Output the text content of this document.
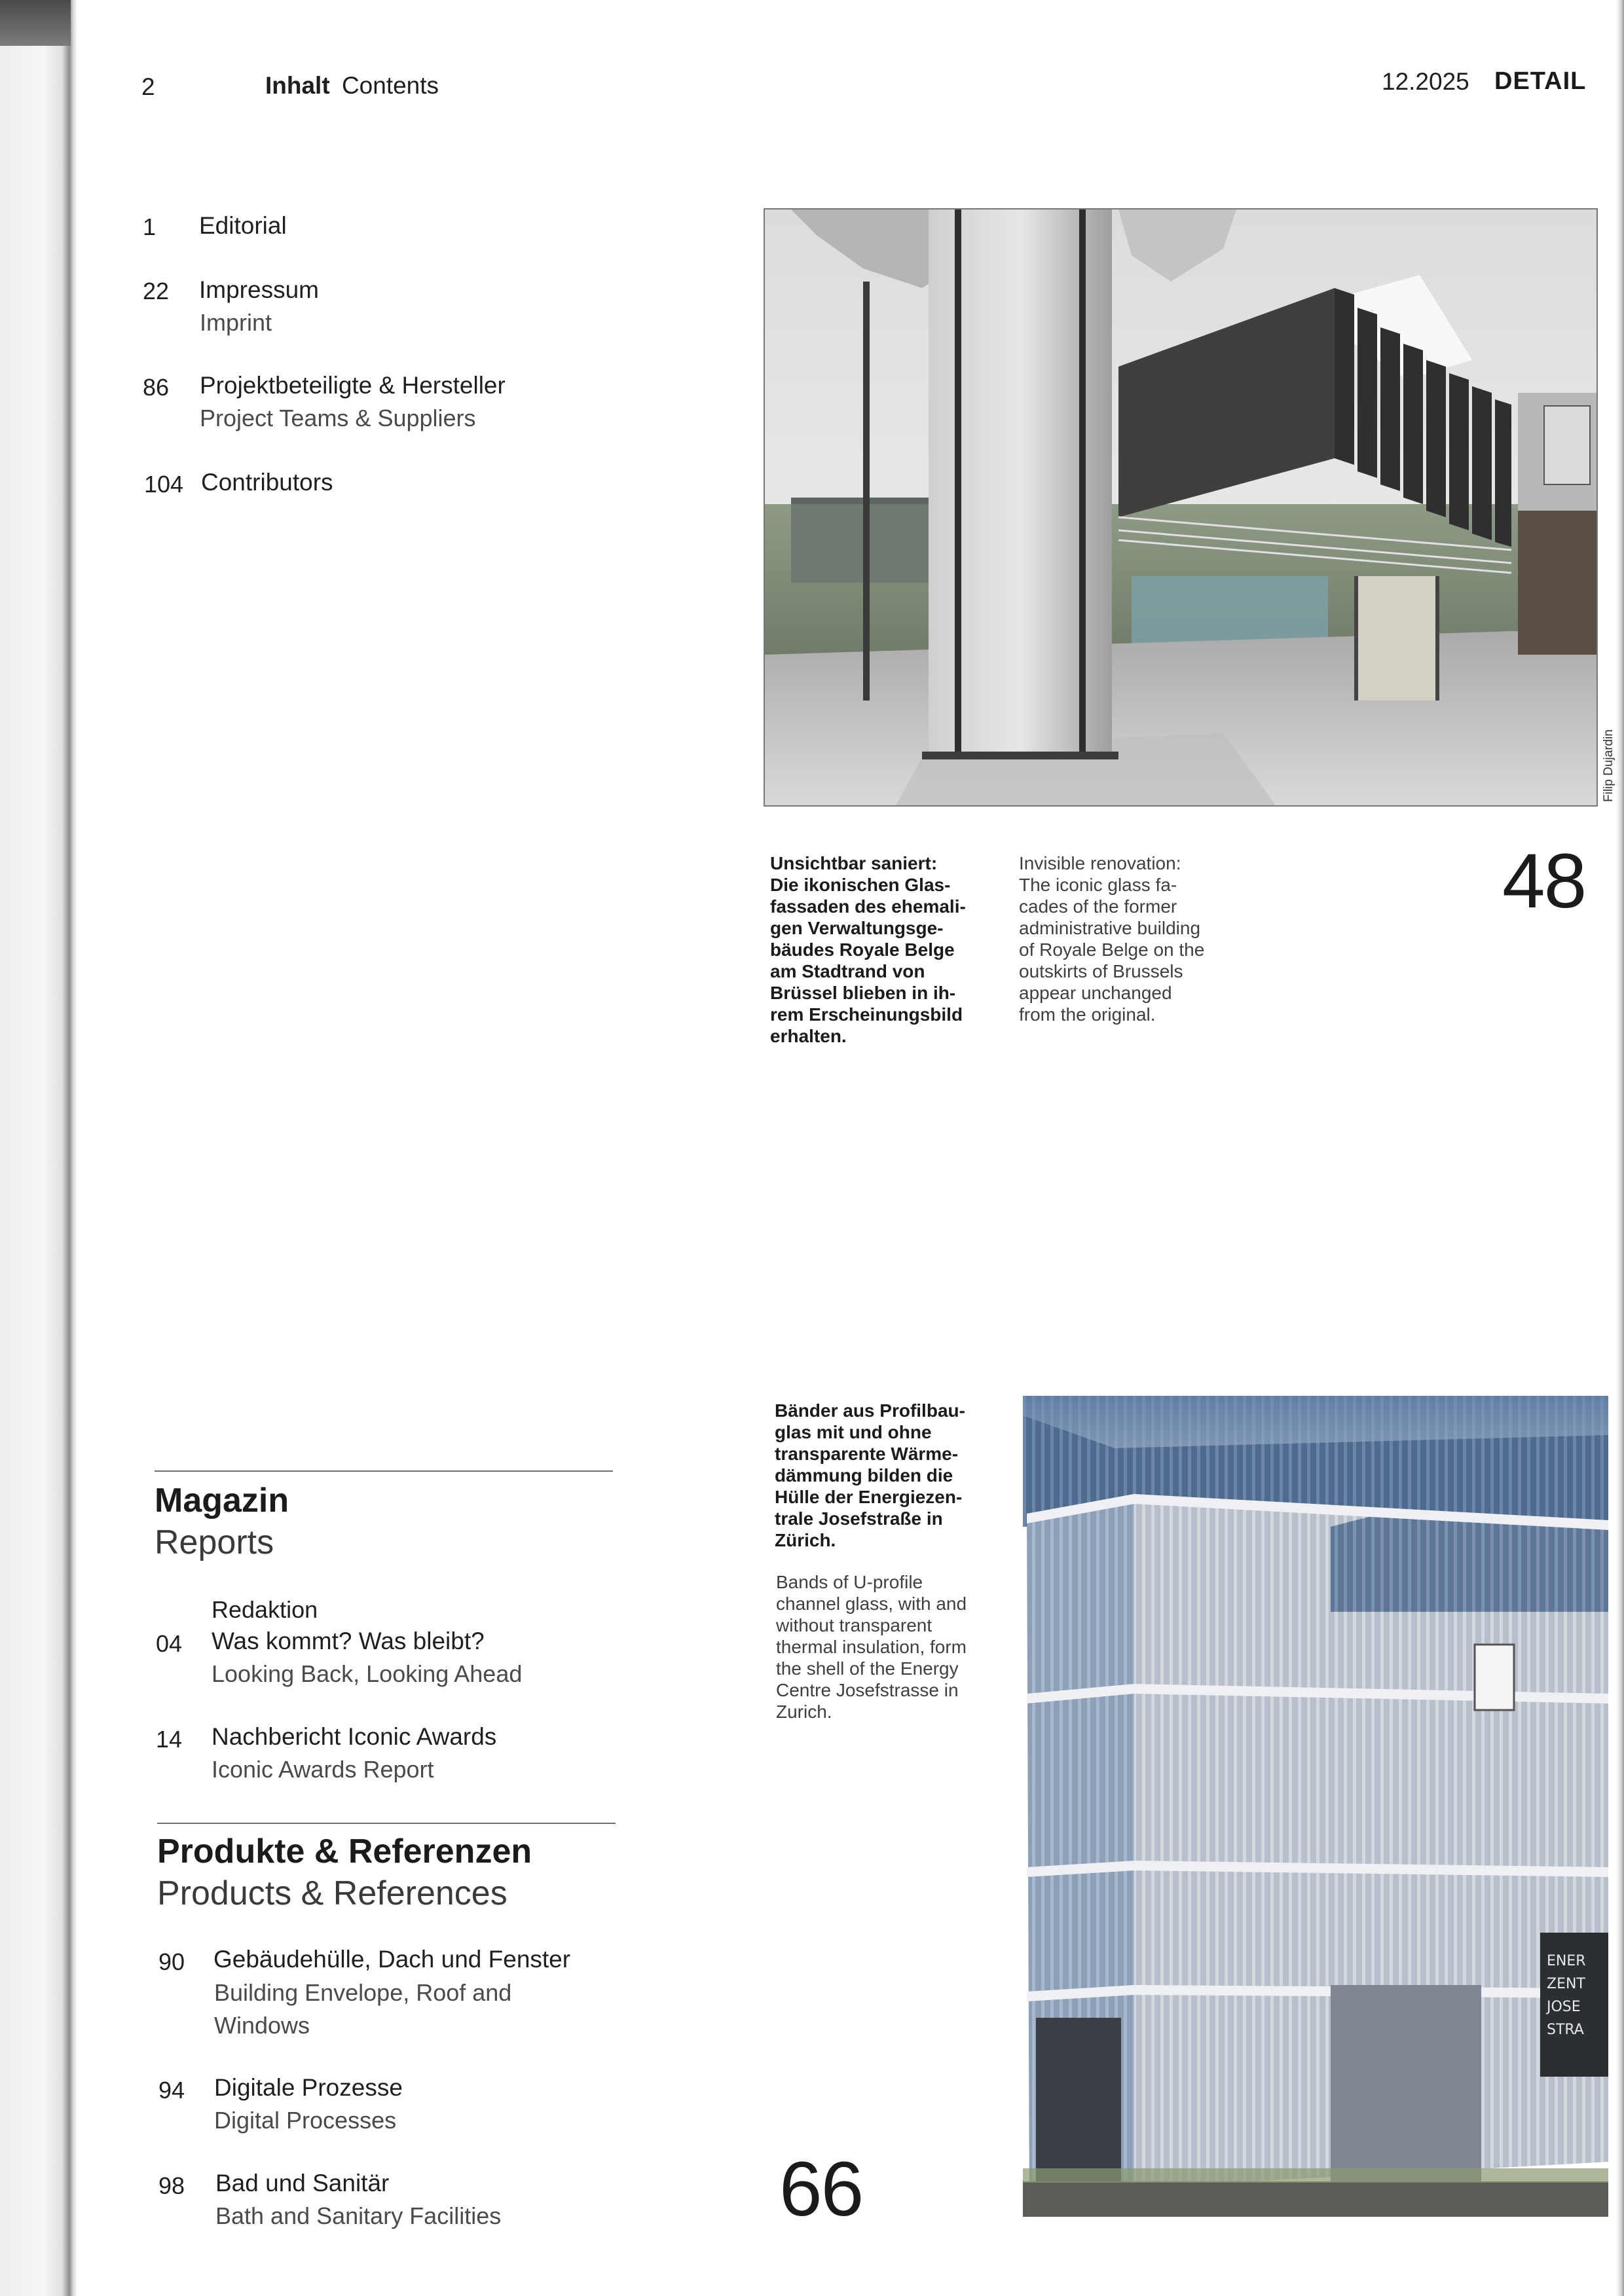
2	Inhalt Contents	12.2025 DETAIL
1 Editorial
22 Impressum
Imprint
86 Projektbeteiligte & Hersteller
Project Teams & Suppliers
104 Contributors
Filip Dujardin
Unsichtbar saniert:
Die ikonischen Glas-
fassaden des ehemali-
gen Verwaltungsge-
bäudes Royale Belge
am Stadtrand von
Brüssel blieben in ih-
rem Erscheinungsbild
erhalten.
Invisible renovation:
The iconic glass fa-
cades of the former
administrative building
of Royale Belge on the
outskirts of Brussels
appear unchanged
from the original.
48
Magazin
Reports
Redaktion
04 Was kommt? Was bleibt?
Looking Back, Looking Ahead
14 Nachbericht Iconic Awards
Iconic Awards Report
Produkte & Referenzen
Products & References
90 Gebäudehülle, Dach und Fenster
Building Envelope, Roof and
Windows
94 Digitale Prozesse
Digital Processes
98 Bad und Sanitär
Bath and Sanitary Facilities
Bänder aus Profilbau-
glas mit und ohne
transparente Wärme-
dämmung bilden die
Hülle der Energiezen-
trale Josefstraße in
Zürich.
Bands of U-profile
channel glass, with and
without transparent
thermal insulation, form
the shell of the Energy
Centre Josefstrasse in
Zurich.
66
ENER
ZENT
JOSE
STRA
